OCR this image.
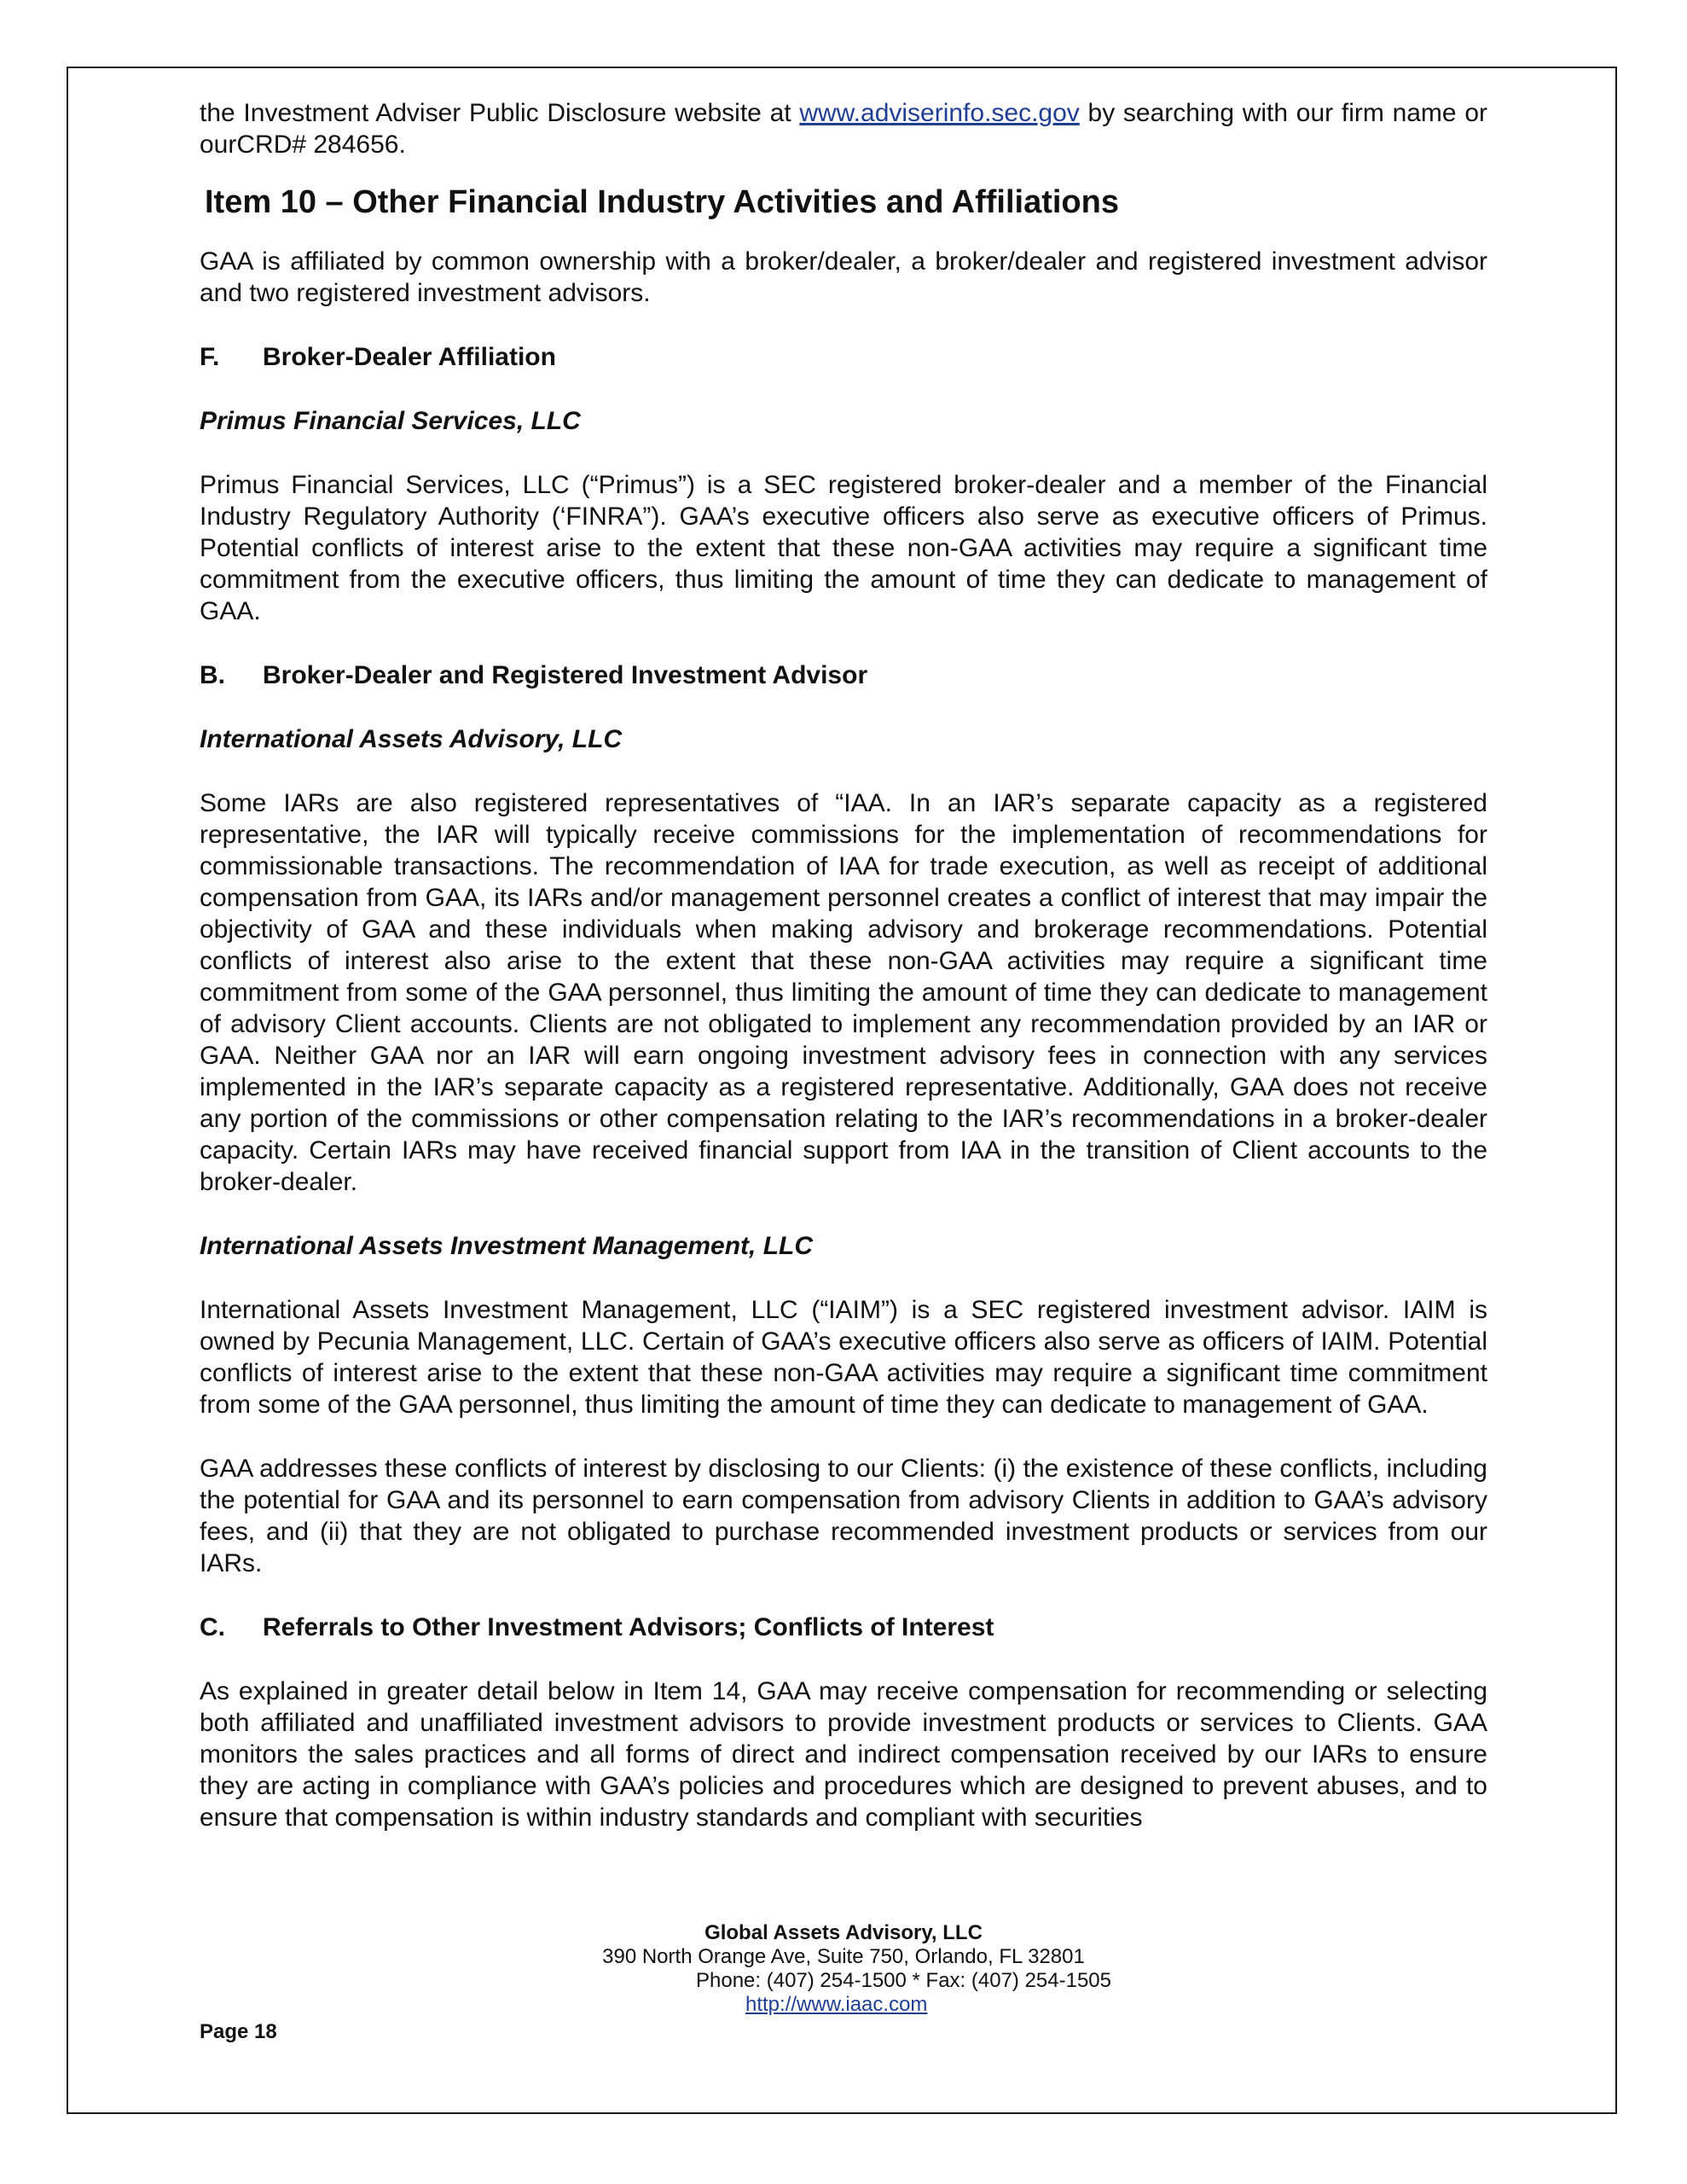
the Investment Adviser Public Disclosure website at www.adviserinfo.sec.gov by searching with our firm name or ourCRD# 284656.

Item 10 – Other Financial Industry Activities and Affiliations

GAA is affiliated by common ownership with a broker/dealer, a broker/dealer and registered investment advisor and two registered investment advisors.

F. Broker-Dealer Affiliation
Primus Financial Services, LLC

Primus Financial Services, LLC (“Primus”) is a SEC registered broker-dealer and a member of the Financial Industry Regulatory Authority (‘FINRA”). GAA’s executive officers also serve as executive officers of Primus. Potential conflicts of interest arise to the extent that these non-GAA activities may require a significant time commitment from the executive officers, thus limiting the amount of time they can dedicate to management of GAA.

B. Broker-Dealer and Registered Investment Advisor
International Assets Advisory, LLC

Some IARs are also registered representatives of “IAA. In an IAR’s separate capacity as a registered representative, the IAR will typically receive commissions for the implementation of recommendations for commissionable transactions. The recommendation of IAA for trade execution, as well as receipt of additional compensation from GAA, its IARs and/or management personnel creates a conflict of interest that may impair the objectivity of GAA and these individuals when making advisory and brokerage recommendations. Potential conflicts of interest also arise to the extent that these non-GAA activities may require a significant time commitment from some of the GAA personnel, thus limiting the amount of time they can dedicate to management of advisory Client accounts. Clients are not obligated to implement any recommendation provided by an IAR or GAA. Neither GAA nor an IAR will earn ongoing investment advisory fees in connection with any services implemented in the IAR’s separate capacity as a registered representative. Additionally, GAA does not receive any portion of the commissions or other compensation relating to the IAR’s recommendations in a broker-dealer capacity. Certain IARs may have received financial support from IAA in the transition of Client accounts to the broker-dealer.

International Assets Investment Management, LLC

International Assets Investment Management, LLC (“IAIM”) is a SEC registered investment advisor. IAIM is owned by Pecunia Management, LLC. Certain of GAA’s executive officers also serve as officers of IAIM. Potential conflicts of interest arise to the extent that these non-GAA activities may require a significant time commitment from some of the GAA personnel, thus limiting the amount of time they can dedicate to management of GAA.

GAA addresses these conflicts of interest by disclosing to our Clients: (i) the existence of these conflicts, including the potential for GAA and its personnel to earn compensation from advisory Clients in addition to GAA’s advisory fees, and (ii) that they are not obligated to purchase recommended investment products or services from our IARs.

C. Referrals to Other Investment Advisors; Conflicts of Interest

As explained in greater detail below in Item 14, GAA may receive compensation for recommending or selecting both affiliated and unaffiliated investment advisors to provide investment products or services to Clients. GAA monitors the sales practices and all forms of direct and indirect compensation received by our IARs to ensure they are acting in compliance with GAA’s policies and procedures which are designed to prevent abuses, and to ensure that compensation is within industry standards and compliant with securities

Global Assets Advisory, LLC
390 North Orange Ave, Suite 750, Orlando, FL 32801
Phone: (407) 254-1500 * Fax: (407) 254-1505
http://www.iaac.com
Page 18
